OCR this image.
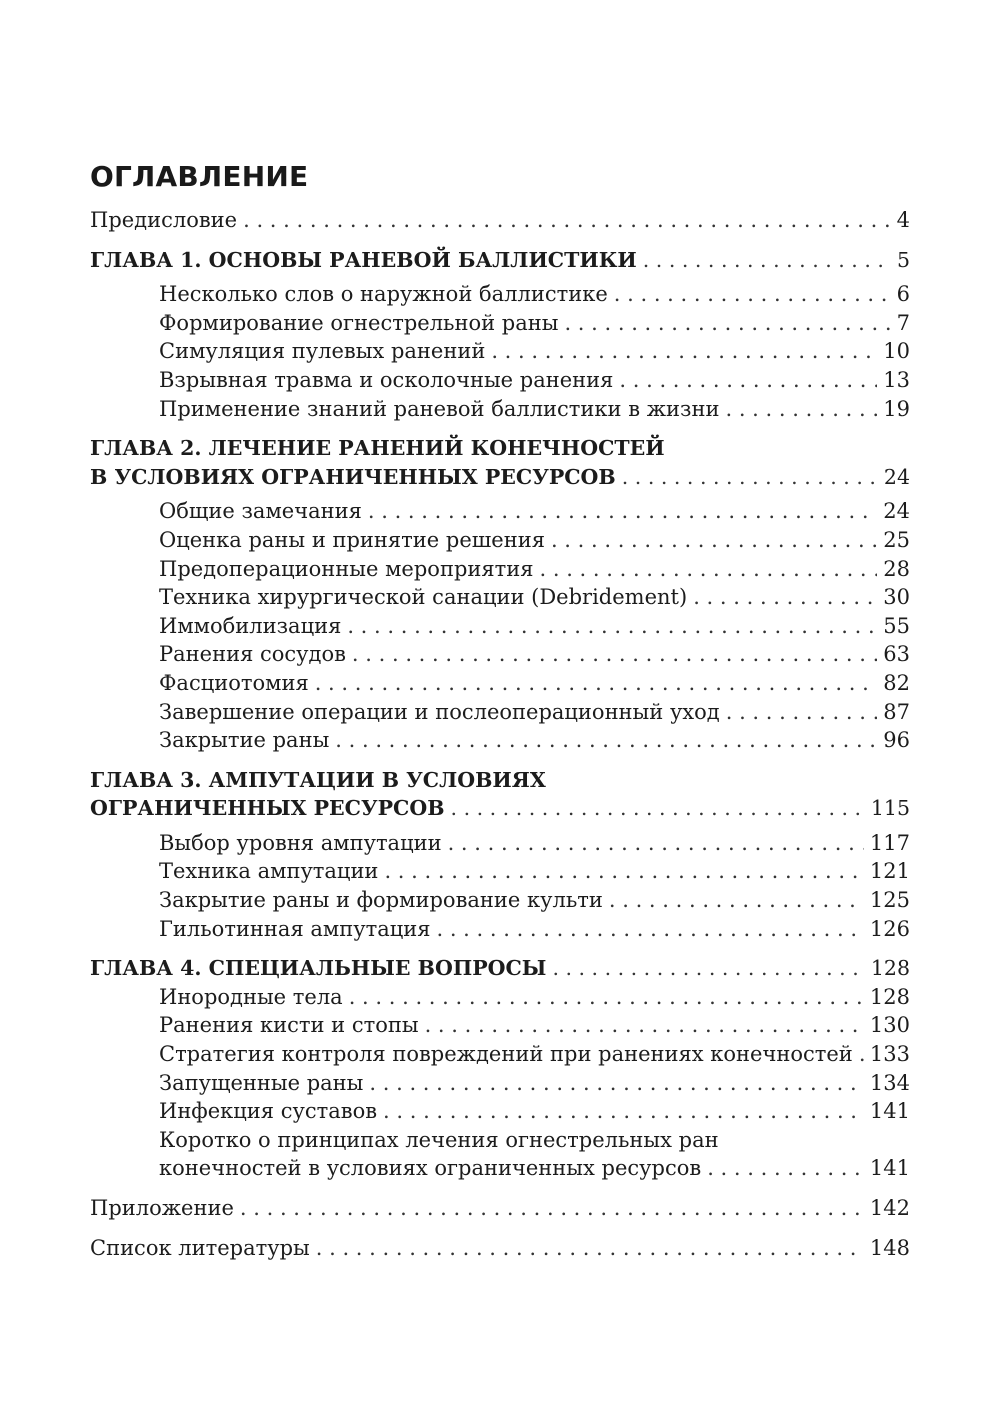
ОГЛАВЛЕНИЕ
Предисловие . . .	4
ГЛАВА 1. ОСНОВЫ РАНЕВОЙ БАЛЛИСТИКИ . . .	5
Несколько слов о наружной баллистике . . .	6
Формирование огнестрельной раны . . .	7
Симуляция пулевых ранений . . .	10
Взрывная травма и осколочные ранения . . .	13
Применение знаний раневой баллистики в жизни . . .	19
ГЛАВА 2. ЛЕЧЕНИЕ РАНЕНИЙ КОНЕЧНОСТЕЙ
В УСЛОВИЯХ ОГРАНИЧЕННЫХ РЕСУРСОВ . . .	24
Общие замечания . . .	24
Оценка раны и принятие решения . . .	25
Предоперационные мероприятия . . .	28
Техника хирургической санации (Debridement) . . .	30
Иммобилизация . . .	55
Ранения сосудов . . .	63
Фасциотомия . . .	82
Завершение операции и послеоперационный уход . . .	87
Закрытие раны . . .	96
ГЛАВА 3. АМПУТАЦИИ В УСЛОВИЯХ
ОГРАНИЧЕННЫХ РЕСУРСОВ . . .	115
Выбор уровня ампутации . . .	117
Техника ампутации . . .	121
Закрытие раны и формирование культи . . .	125
Гильотинная ампутация . . .	126
ГЛАВА 4. СПЕЦИАЛЬНЫЕ ВОПРОСЫ . . .	128
Инородные тела . . .	128
Ранения кисти и стопы . . .	130
Стратегия контроля повреждений при ранениях конечностей . . . 133
Запущенные раны . . .	134
Инфекция суставов . . .	141
Коротко о принципах лечения огнестрельных ран
конечностей в условиях ограниченных ресурсов . . .	141
Приложение . . .	142
Список литературы . . .	148
